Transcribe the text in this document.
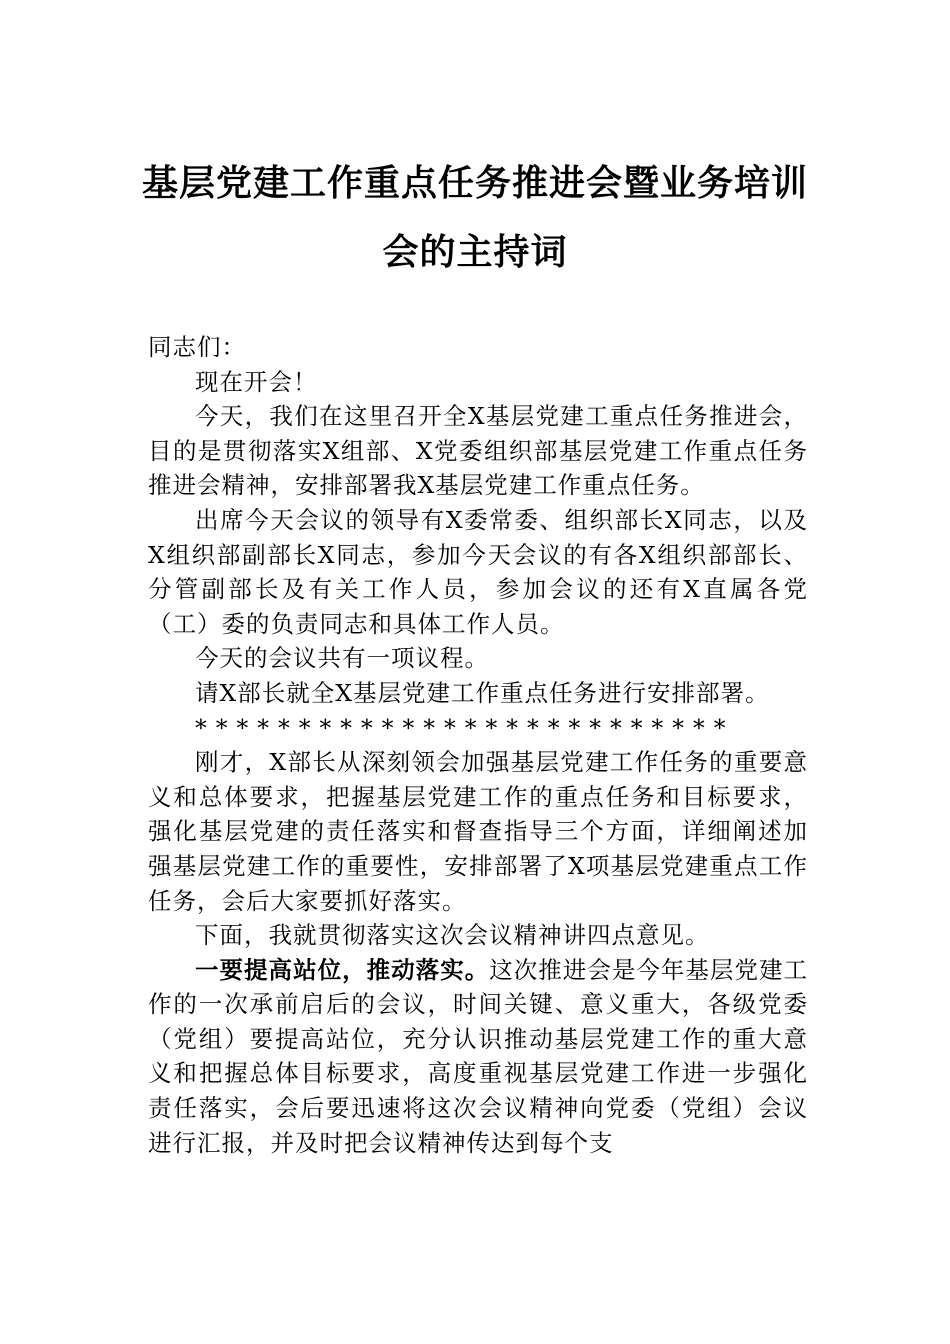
基层党建工作重点任务推进会暨业务培训
会的主持词

同志们：

现在开会！

今天，我们在这里召开全X基层党建工重点任务推进会，目的是贯彻落实X组部、X党委组织部基层党建工作重点任务推进会精神，安排部署我X基层党建工作重点任务。

出席今天会议的领导有X委常委、组织部长X同志，以及X组织部副部长X同志，参加今天会议的有各X组织部部长、分管副部长及有关工作人员，参加会议的还有X直属各党（工）委的负责同志和具体工作人员。

今天的会议共有一项议程。

请X部长就全X基层党建工作重点任务进行安排部署。

**************************

刚才，X部长从深刻领会加强基层党建工作任务的重要意义和总体要求，把握基层党建工作的重点任务和目标要求，强化基层党建的责任落实和督查指导三个方面，详细阐述加强基层党建工作的重要性，安排部署了X项基层党建重点工作任务，会后大家要抓好落实。

下面，我就贯彻落实这次会议精神讲四点意见。

一要提高站位，推动落实。这次推进会是今年基层党建工作的一次承前启后的会议，时间关键、意义重大，各级党委（党组）要提高站位，充分认识推动基层党建工作的重大意义和把握总体目标要求，高度重视基层党建工作进一步强化责任落实，会后要迅速将这次会议精神向党委（党组）会议进行汇报，并及时把会议精神传达到每个支
